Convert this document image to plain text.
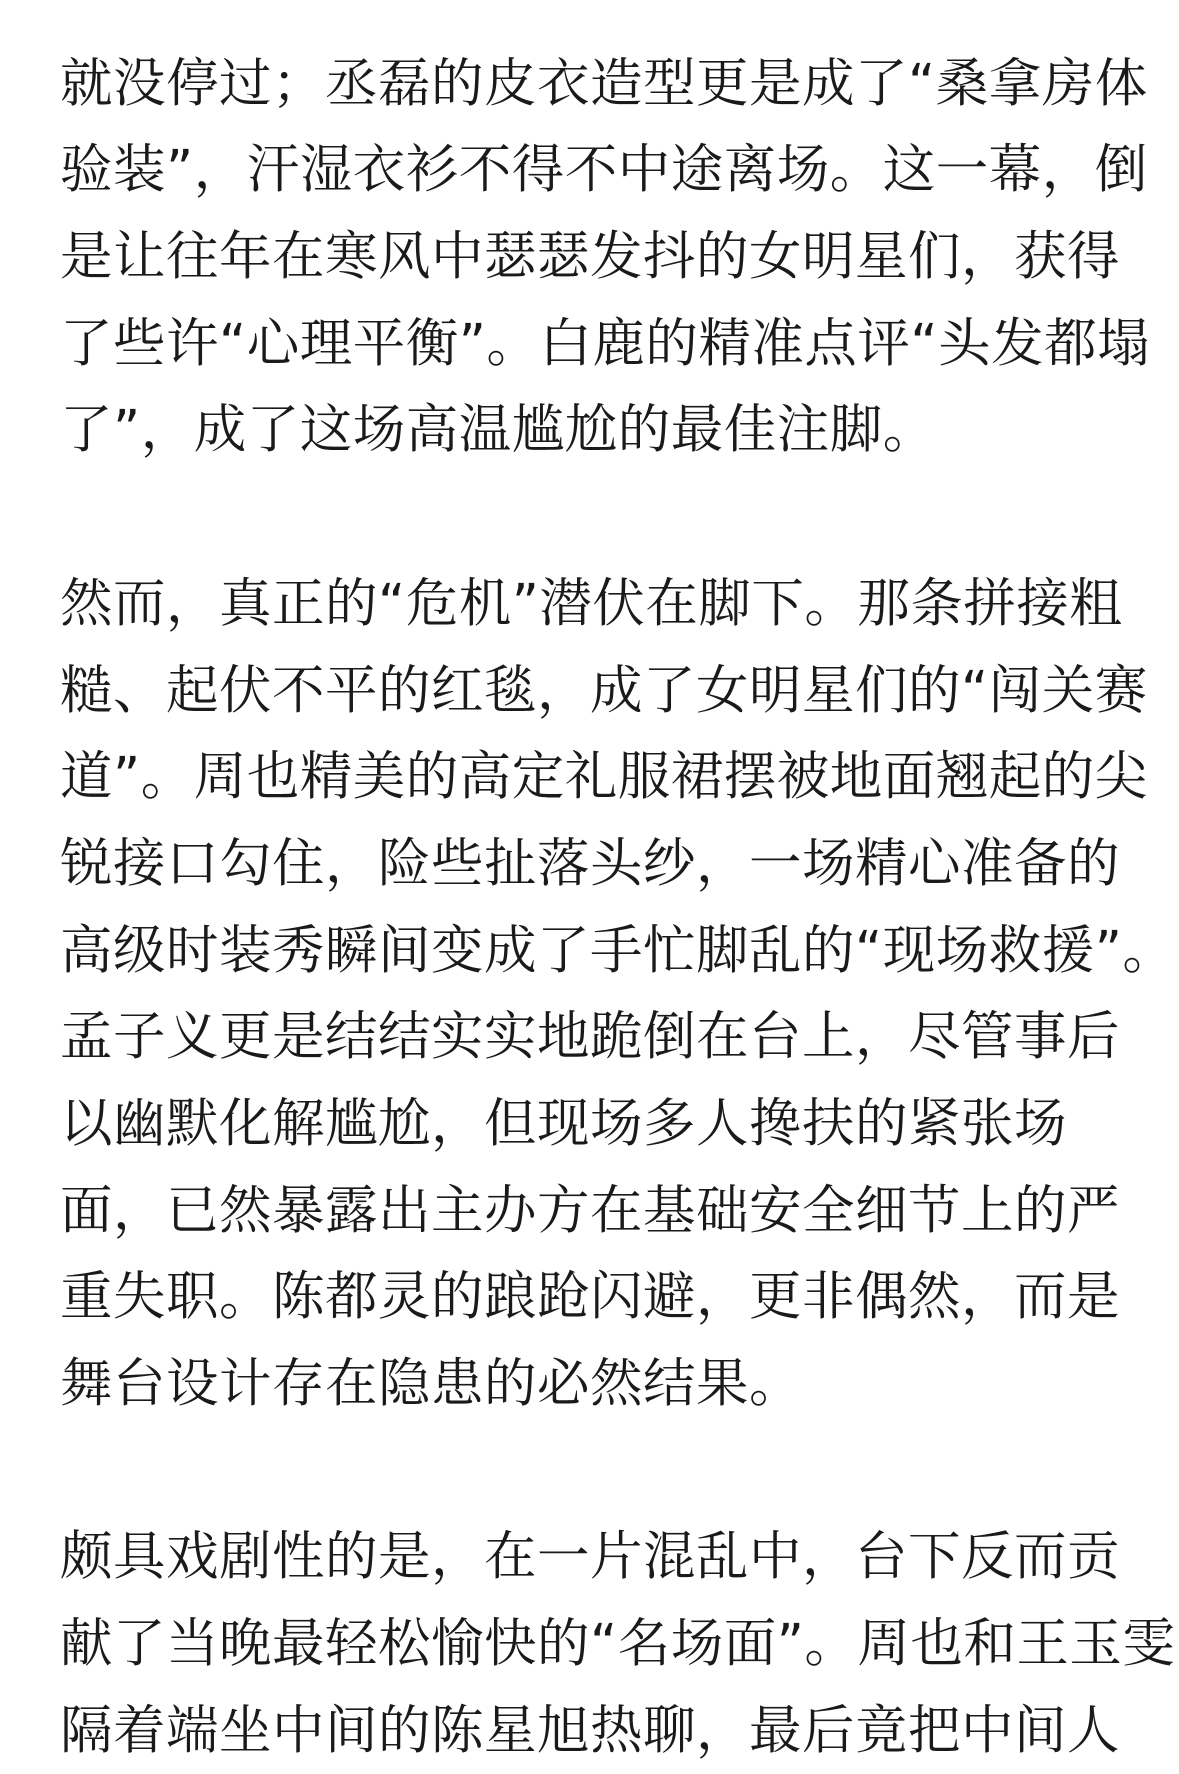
就没停过；丞磊的皮衣造型更是成了“桑拿房体
验装”，汗湿衣衫不得不中途离场。这一幕，倒
是让往年在寒风中瑟瑟发抖的女明星们，获得
了些许“心理平衡”。白鹿的精准点评“头发都塌
了”，成了这场高温尴尬的最佳注脚。

然而，真正的“危机”潜伏在脚下。那条拼接粗
糙、起伏不平的红毯，成了女明星们的“闯关赛
道”。周也精美的高定礼服裙摆被地面翘起的尖
锐接口勾住，险些扯落头纱，一场精心准备的
高级时装秀瞬间变成了手忙脚乱的“现场救援”。
孟子义更是结结实实地跪倒在台上，尽管事后
以幽默化解尴尬，但现场多人搀扶的紧张场
面，已然暴露出主办方在基础安全细节上的严
重失职。陈都灵的踉跄闪避，更非偶然，而是
舞台设计存在隐患的必然结果。

颇具戏剧性的是，在一片混乱中，台下反而贡
献了当晚最轻松愉快的“名场面”。周也和王玉雯
隔着端坐中间的陈星旭热聊，最后竟把中间人
